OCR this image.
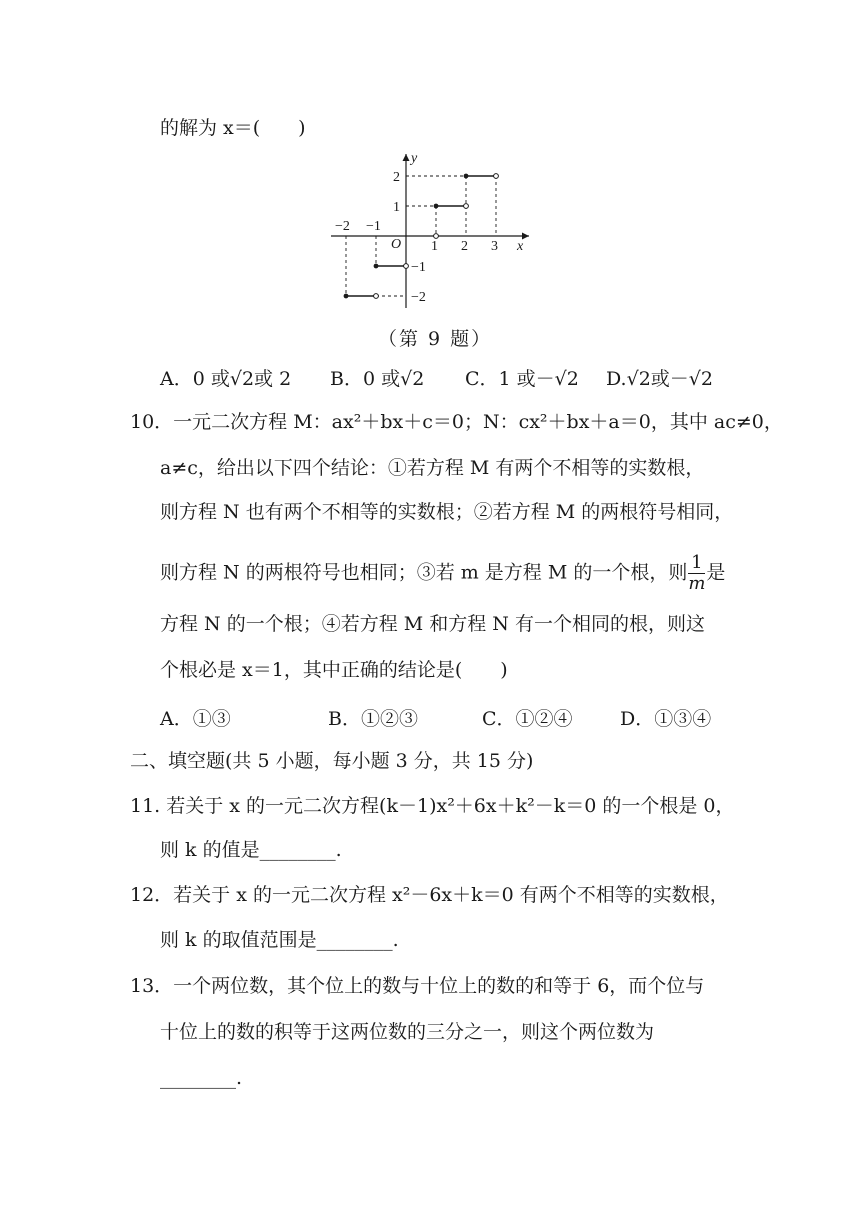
的解为 x＝(　　)
y
x
O
−2 −1
1 2 3
2
1
−1
−2
（第 9 题）
A．0 或√2或 2 B．0 或√2 C．1 或－√2 D.√2或－√2
10．一元二次方程 M：ax²＋bx＋c＝0；N：cx²＋bx＋a＝0，其中 ac≠0，
a≠c，给出以下四个结论：①若方程 M 有两个不相等的实数根，
则方程 N 也有两个不相等的实数根；②若方程 M 的两根符号相同，
则方程 N 的两根符号也相同；③若 m 是方程 M 的一个根，则 $\frac{1}{m}$ 是
方程 N 的一个根；④若方程 M 和方程 N 有一个相同的根，则这
个根必是 x＝1，其中正确的结论是(　　)
A．①③	B．①②③	C．①②④ D．①③④
二、填空题(共 5 小题，每小题 3 分，共 15 分)
11. 若关于 x 的一元二次方程(k－1)x²＋6x＋k²－k＝0 的一个根是 0，
则 k 的值是________.
12．若关于 x 的一元二次方程 x²－6x＋k＝0 有两个不相等的实数根，
则 k 的取值范围是________.
13．一个两位数，其个位上的数与十位上的数的和等于 6，而个位与
十位上的数的积等于这两位数的三分之一，则这个两位数为
________.
